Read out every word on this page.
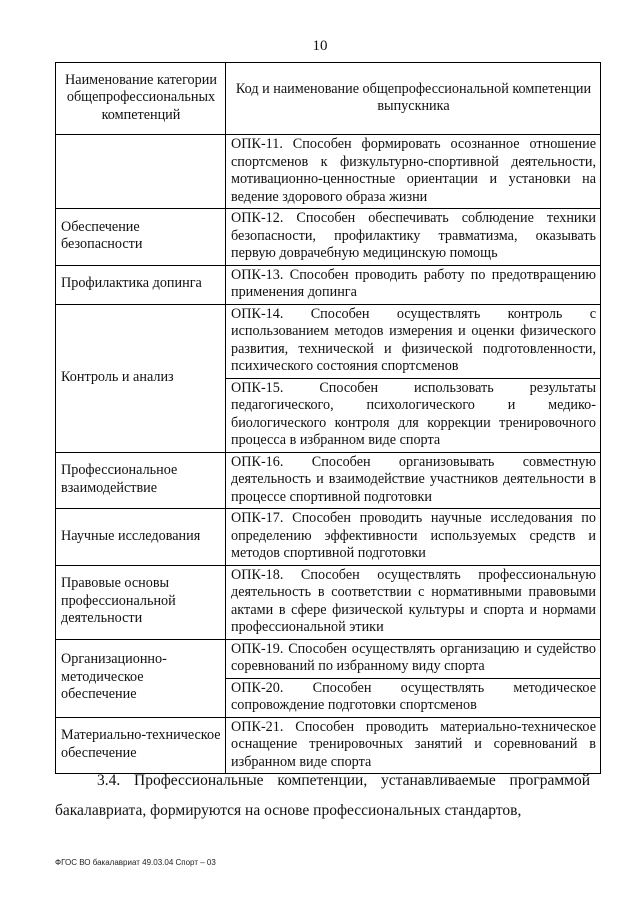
10
Наименование категории общепрофессиональных компетенций	Код и наименование общепрофессиональной компетенции выпускника
	ОПК-11. Способен формировать осознанное отношение спортсменов к физкультурно-спортивной деятельности, мотивационно-ценностные ориентации и установки на ведение здорового образа жизни
Обеспечение безопасности	ОПК-12. Способен обеспечивать соблюдение техники безопасности, профилактику травматизма, оказывать первую доврачебную медицинскую помощь
Профилактика допинга	ОПК-13. Способен проводить работу по предотвращению применения допинга
Контроль и анализ	ОПК-14. Способен осуществлять контроль с использованием методов измерения и оценки физического развития, технической и физической подготовленности, психического состояния спортсменов
	ОПК-15. Способен использовать результаты педагогического, психологического и медико-биологического контроля для коррекции тренировочного процесса в избранном виде спорта
Профессиональное взаимодействие	ОПК-16. Способен организовывать совместную деятельность и взаимодействие участников деятельности в процессе спортивной подготовки
Научные исследования	ОПК-17. Способен проводить научные исследования по определению эффективности используемых средств и методов спортивной подготовки
Правовые основы профессиональной деятельности	ОПК-18. Способен осуществлять профессиональную деятельность в соответствии с нормативными правовыми актами в сфере физической культуры и спорта и нормами профессиональной этики
Организационно-методическое обеспечение	ОПК-19. Способен осуществлять организацию и судейство соревнований по избранному виду спорта
	ОПК-20. Способен осуществлять методическое сопровождение подготовки спортсменов
Материально-техническое обеспечение	ОПК-21. Способен проводить материально-техническое оснащение тренировочных занятий и соревнований в избранном виде спорта
3.4. Профессиональные компетенции, устанавливаемые программой бакалавриата, формируются на основе профессиональных стандартов,
ФГОС ВО бакалавриат 49.03.04 Спорт – 03
